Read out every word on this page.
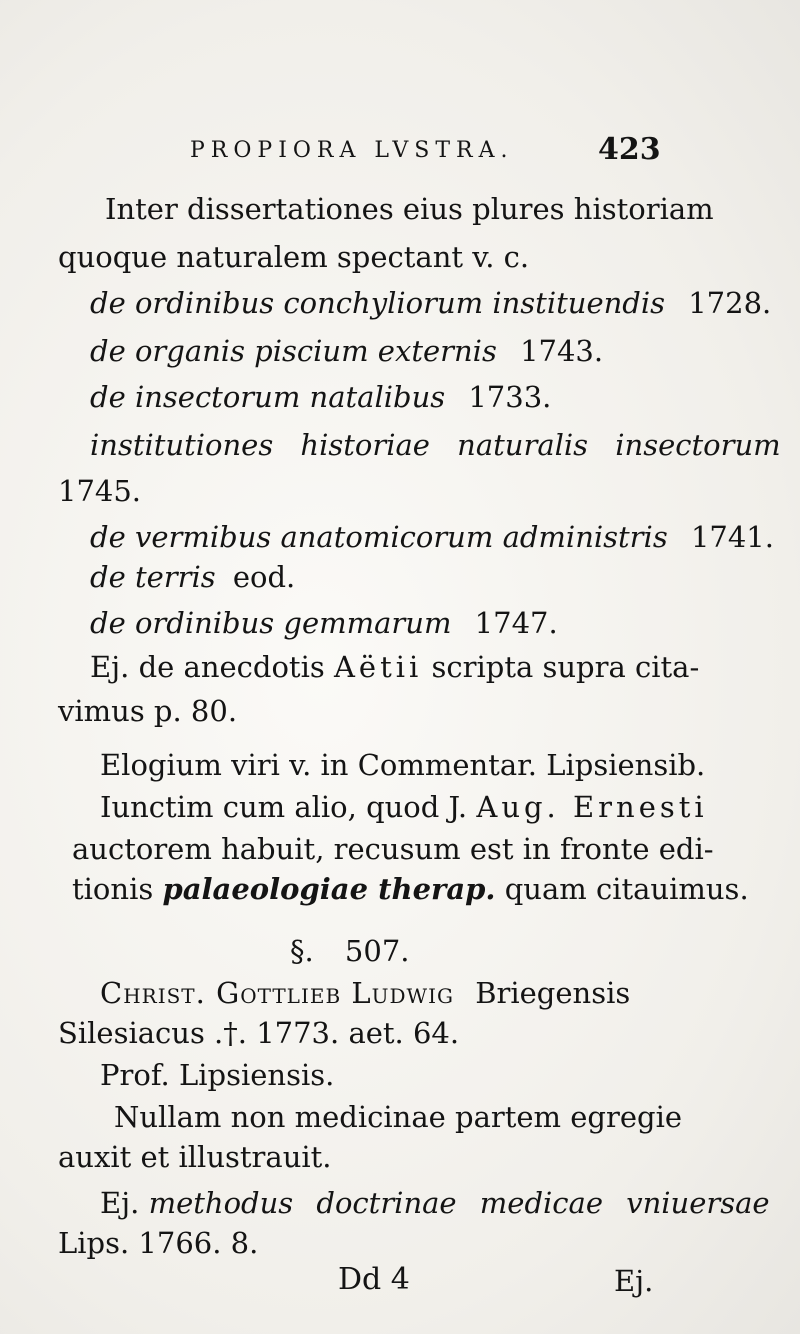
PROPIORA LVSTRA.	423
Inter dissertationes eius plures historiam
quoque naturalem spectant v. c.
de ordinibus conchyliorum instituendis 1728.
de organis piscium externis 1743.
de insectorum natalibus 1733.
institutiones historiae naturalis insectorum
1745.
de vermibus anatomicorum administris 1741.
de terris eod.
de ordinibus gemmarum 1747.
Ej. de anecdotis Aëtii scripta supra cita-
vimus p. 80.
Elogium viri v. in Commentar. Lipsiensib.
Iunctim cum alio, quod J. Aug. Ernesti
auctorem habuit, recusum est in fronte edi-
tionis palaeologiae therap. quam citauimus.
§. 507.
Christ. Gottlieb Ludwig Briegensis
Silesiacus .†. 1773. aet. 64.
Prof. Lipsiensis.
Nullam non medicinae partem egregie
auxit et illustrauit.
Ej. methodus doctrinae medicae vniuersae
Lips. 1766. 8.
Dd 4	Ej.
